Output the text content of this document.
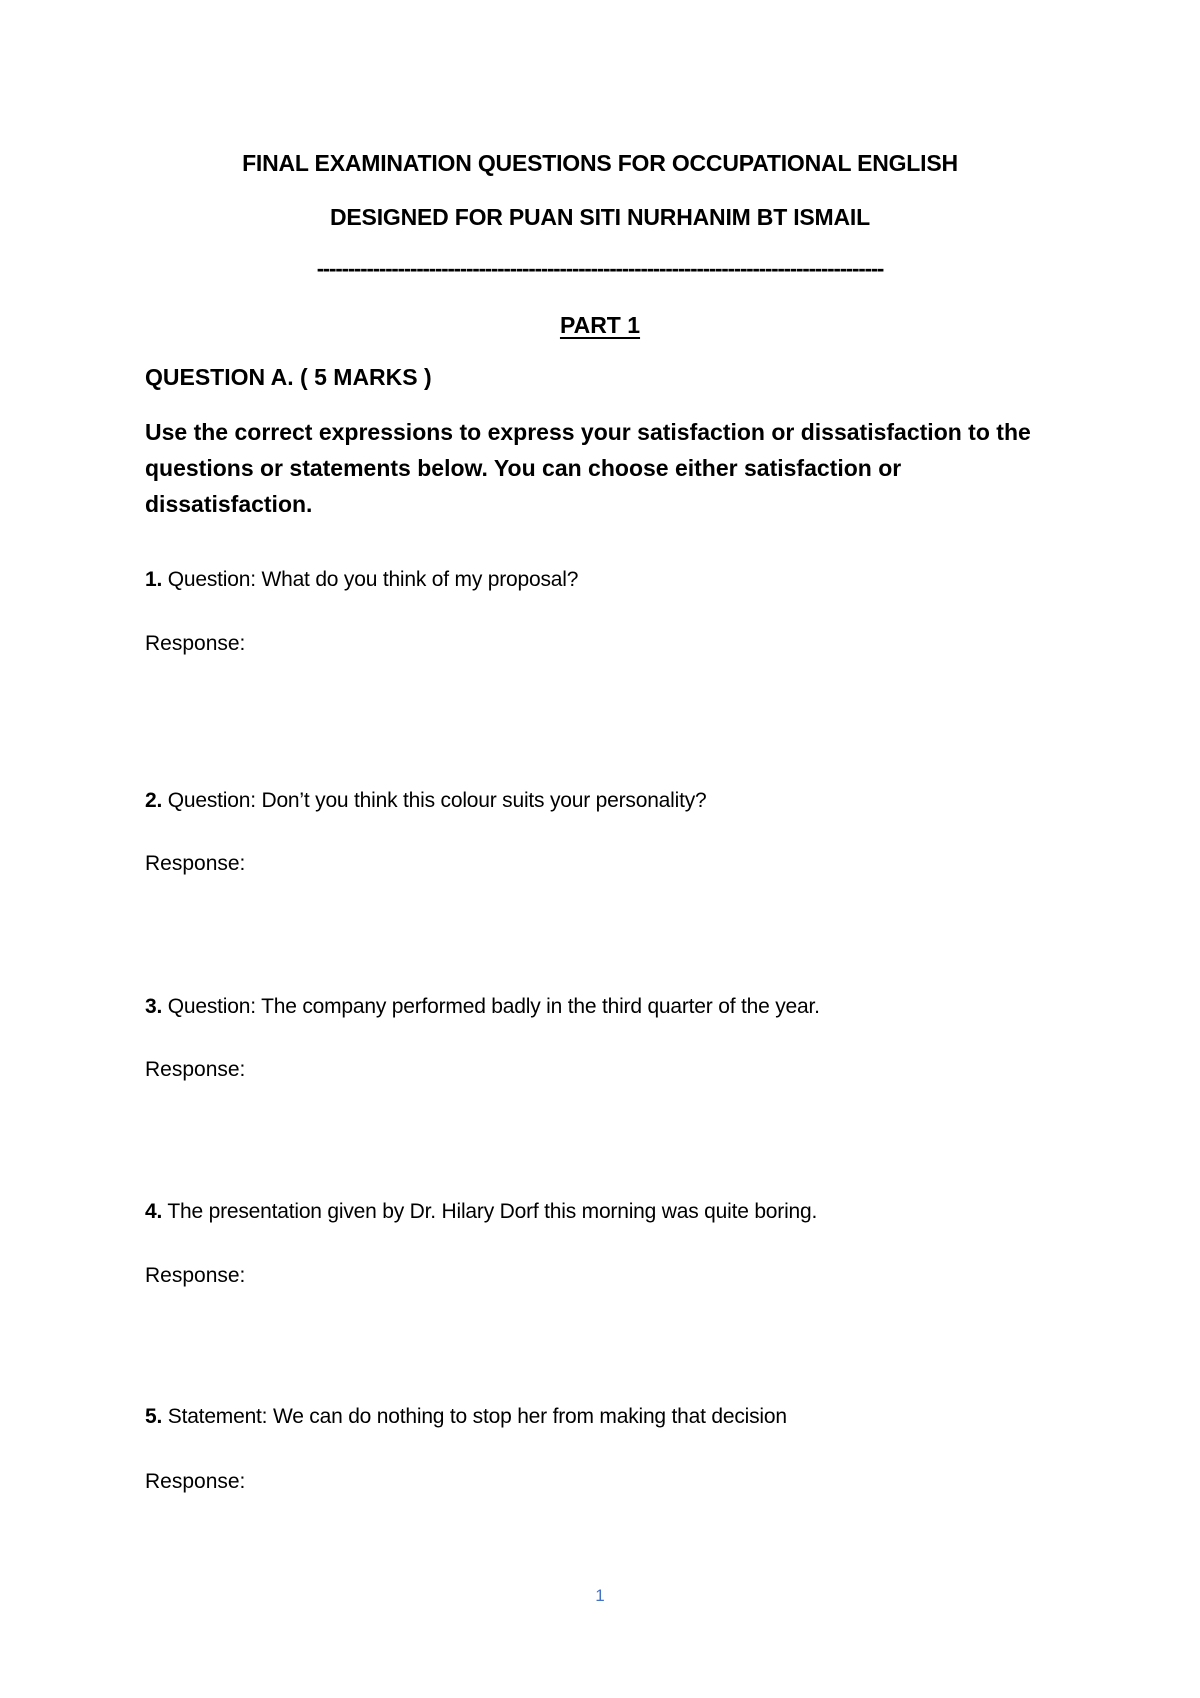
FINAL EXAMINATION QUESTIONS FOR OCCUPATIONAL ENGLISH
DESIGNED FOR PUAN SITI NURHANIM BT ISMAIL
-------------------------------------------------------------------------------------------
PART 1
QUESTION A. ( 5 MARKS )
Use the correct expressions to express your satisfaction or dissatisfaction to the questions or statements below. You can choose either satisfaction or dissatisfaction.
1. Question: What do you think of my proposal?
Response:
2. Question: Don’t you think this colour suits your personality?
Response:
3. Question: The company performed badly in the third quarter of the year.
Response:
4. The presentation given by Dr. Hilary Dorf this morning was quite boring.
Response:
5. Statement: We can do nothing to stop her from making that decision
Response:
1
